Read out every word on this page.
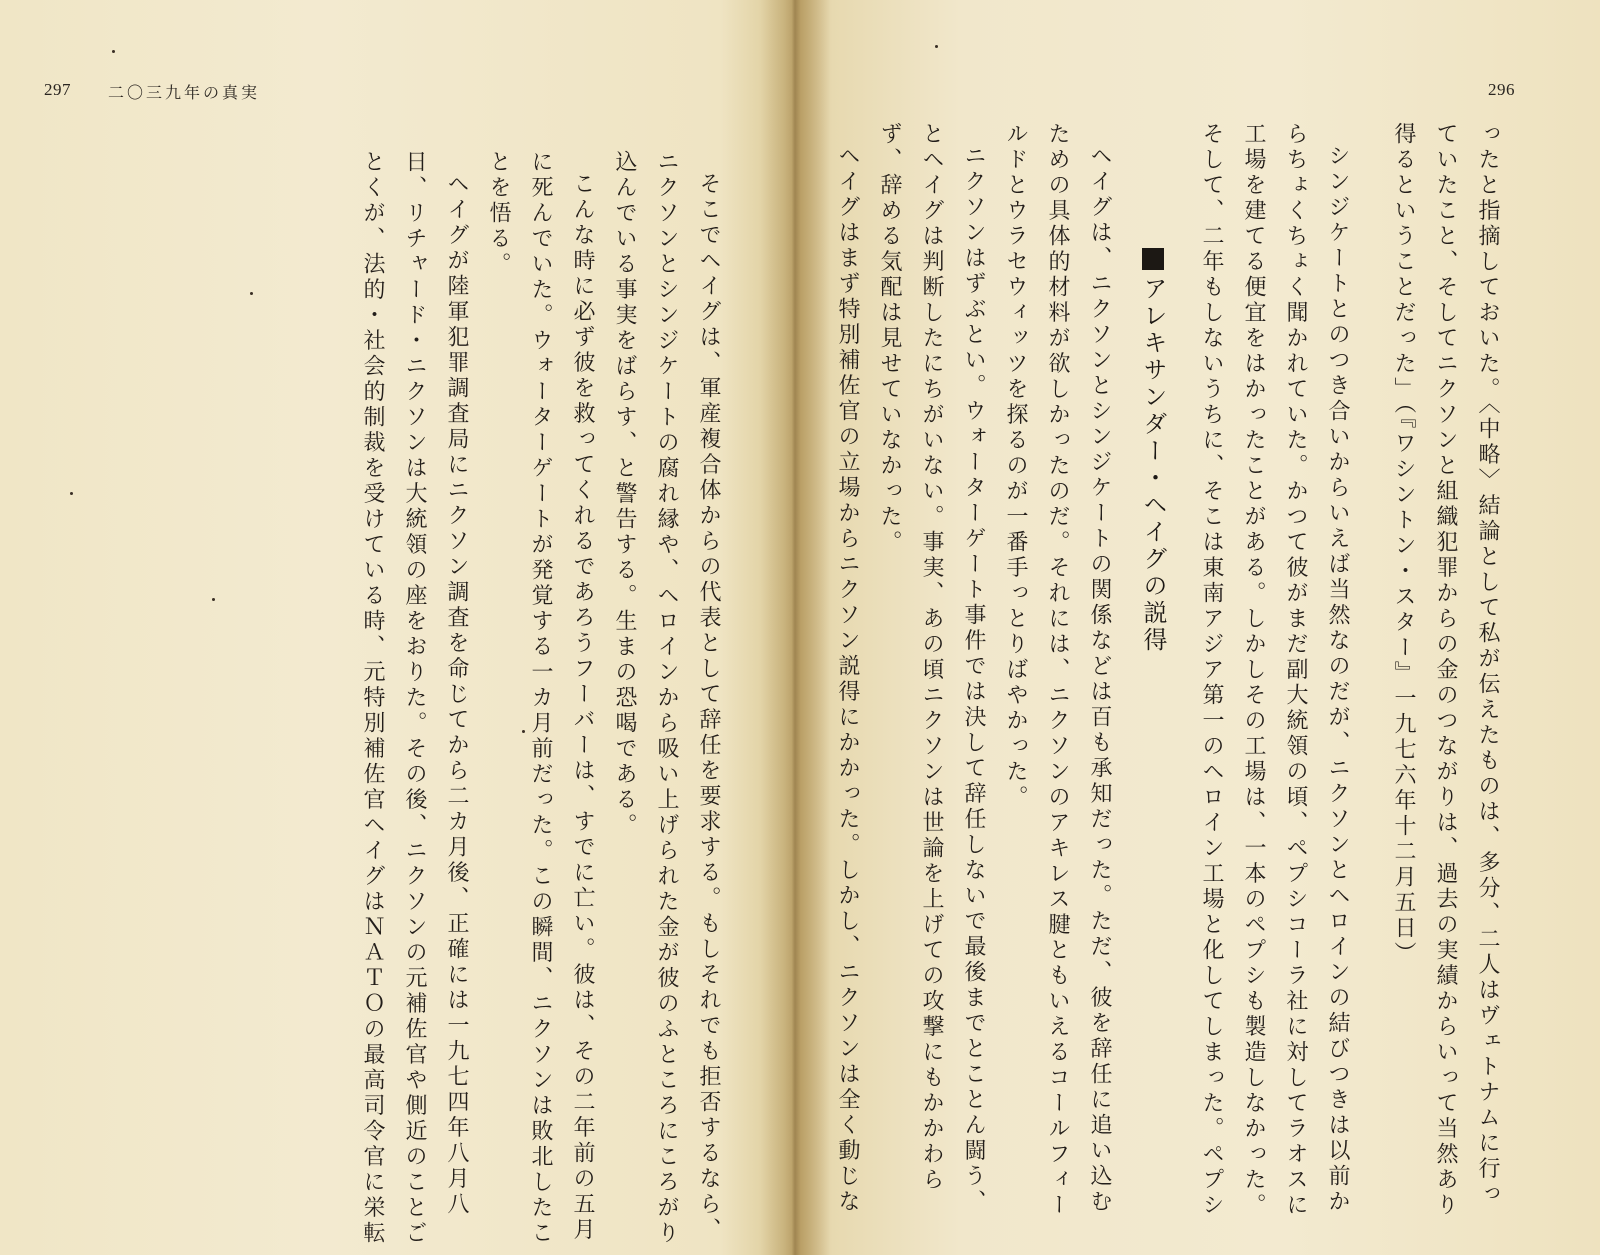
297 二〇三九年の真実	296

ったと指摘しておいた。〈中略〉結論として私が伝えたものは、多分、二人はヴェトナムに行っていたこと、そしてニクソンと組織犯罪からの金のつながりは、過去の実績からいって当然あり得るということだった」（『ワシントン・スター』一九七六年十二月五日）

シンジケートとのつき合いからいえば当然なのだが、ニクソンとヘロインの結びつきは以前からちょくちょく聞かれていた。かつて彼がまだ副大統領の頃、ペプシコーラ社に対してラオスに工場を建てる便宜をはかったことがある。しかしその工場は、一本のペプシも製造しなかった。そして、二年もしないうちに、そこは東南アジア第一のヘロイン工場と化してしまった。ペプシ

アレキサンダー・ヘイグの説得

ヘイグは、ニクソンとシンジケートの関係などは百も承知だった。ただ、彼を辞任に追い込むための具体的材料が欲しかったのだ。それには、ニクソンのアキレス腱ともいえるコールフィールドとウラセウィッツを探るのが一番手っとりばやかった。

ニクソンはずぶとい。ウォーターゲート事件では決して辞任しないで最後までとことん闘う、とヘイグは判断したにちがいない。事実、あの頃ニクソンは世論を上げての攻撃にもかかわらず、辞める気配は見せていなかった。

ヘイグはまず特別補佐官の立場からニクソン説得にかかった。しかし、ニクソンは全く動じな

そこでヘイグは、軍産複合体からの代表として辞任を要求する。もしそれでも拒否するなら、ニクソンとシンジケートの腐れ縁や、ヘロインから吸い上げられた金が彼のふところにころがり込んでいる事実をばらす、と警告する。生まの恐喝である。

こんな時に必ず彼を救ってくれるであろうフーバーは、すでに亡い。彼は、その二年前の五月に死んでいた。ウォーターゲートが発覚する一カ月前だった。この瞬間、ニクソンは敗北したことを悟る。

ヘイグが陸軍犯罪調査局にニクソン調査を命じてから二カ月後、正確には一九七四年八月八日、リチャード・ニクソンは大統領の座をおりた。その後、ニクソンの元補佐官や側近のことごとくが、法的・社会的制裁を受けている時、元特別補佐官ヘイグはＮＡＴＯの最高司令官に栄転
